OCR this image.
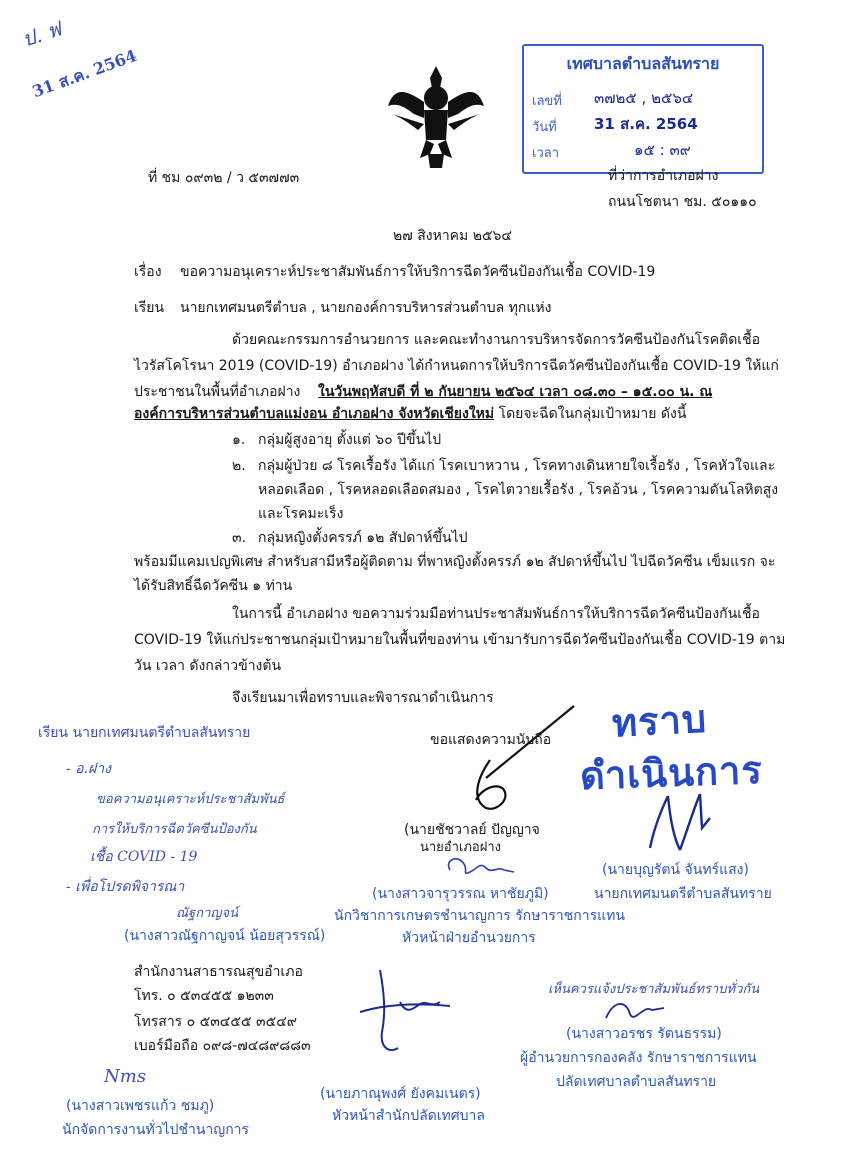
ป. ฟ
31 ส.ค. 2564	เทศบาลตำบลสันทราย
เลขที่ ๓๗๒๕ , ๒๕๖๔
วันที่ 31 ส.ค. 2564
เวลา	๑๕ : ๓๙
ที่ ชม ๐๙๓๒ / ว ๕๓๗๗๓	ที่ว่าการอำเภอฝาง
ถนนโชตนา ชม. ๕๐๑๑๐
๒๗ สิงหาคม ๒๕๖๔
เรื่อง ขอความอนุเคราะห์ประชาสัมพันธ์การให้บริการฉีดวัคซีนป้องกันเชื้อ COVID-19
เรียน นายกเทศมนตรีตำบล , นายกองค์การบริหารส่วนตำบล ทุกแห่ง
ด้วยคณะกรรมการอำนวยการ และคณะทำงานการบริหารจัดการวัคซีนป้องกันโรคติดเชื้อ
ไวรัสโคโรนา 2019 (COVID-19) อำเภอฝาง ได้กำหนดการให้บริการฉีดวัคซีนป้องกันเชื้อ COVID-19 ให้แก่
ประชาชนในพื้นที่อำเภอฝาง ในวันพฤหัสบดี ที่ ๒ กันยายน ๒๕๖๔ เวลา ๐๘.๓๐ – ๑๕.๐๐ น. ณ
องค์การบริหารส่วนตำบลแม่งอน อำเภอฝาง จังหวัดเชียงใหม่ โดยจะฉีดในกลุ่มเป้าหมาย ดังนี้
๑. กลุ่มผู้สูงอายุ ตั้งแต่ ๖๐ ปีขึ้นไป
๒. กลุ่มผู้ป่วย ๘ โรคเรื้อรัง ได้แก่ โรคเบาหวาน , โรคทางเดินหายใจเรื้อรัง , โรคหัวใจและ
หลอดเลือด , โรคหลอดเลือดสมอง , โรคไตวายเรื้อรัง , โรคอ้วน , โรคความดันโลหิตสูง
และโรคมะเร็ง
๓. กลุ่มหญิงตั้งครรภ์ ๑๒ สัปดาห์ขึ้นไป
พร้อมมีแคมเปญพิเศษ สำหรับสามีหรือผู้ติดตาม ที่พาหญิงตั้งครรภ์ ๑๒ สัปดาห์ขึ้นไป ไปฉีดวัคซีน เข็มแรก จะ
ได้รับสิทธิ์ฉีดวัคซีน ๑ ท่าน
ในการนี้ อำเภอฝาง ขอความร่วมมือท่านประชาสัมพันธ์การให้บริการฉีดวัคซีนป้องกันเชื้อ
COVID-19 ให้แก่ประชาชนกลุ่มเป้าหมายในพื้นที่ของท่าน เข้ามารับการฉีดวัคซีนป้องกันเชื้อ COVID-19 ตาม
วัน เวลา ดังกล่าวข้างต้น
จึงเรียนมาเพื่อทราบและพิจารณาดำเนินการ
ขอแสดงความนับถือ
(นายชัชวาลย์ ปัญญาจ
นายอำเภอฝาง
(นางสาวจารุวรรณ หาชัยภูมิ)
นักวิชาการเกษตรชำนาญการ รักษาราชการแทน
หัวหน้าฝ่ายอำนวยการ
ทราบ
ดำเนินการ
(นายบุญรัตน์ จันทร์แสง)
นายกเทศมนตรีตำบลสันทราย
เรียน นายกเทศมนตรีตำบลสันทราย
- อ.ฝาง
ขอความอนุเคราะห์ประชาสัมพันธ์
การให้บริการฉีดวัคซีนป้องกัน
เชื้อ COVID - 19
- เพื่อโปรดพิจารณา
ณัฐกาญจน์
(นางสาวณัฐกาญจน์ น้อยสุวรรณ์)
สำนักงานสาธารณสุขอำเภอ
โทร. ๐ ๕๓๔๕๕ ๑๒๓๓
โทรสาร ๐ ๕๓๔๕๕ ๓๕๔๙
เบอร์มือถือ ๐๙๘-๗๔๘๙๘๘๓
เห็นควรแจ้งประชาสัมพันธ์ทราบทั่วกัน
(นางสาวอรชร รัตนธรรม)
ผู้อำนวยการกองคลัง รักษาราชการแทน
ปลัดเทศบาลตำบลสันทราย
(นายภาณุพงศ์ ยังคมเนตร)
หัวหน้าสำนักปลัดเทศบาล
Nms
(นางสาวเพชรแก้ว ชมภู)
นักจัดการงานทั่วไปชำนาญการ
